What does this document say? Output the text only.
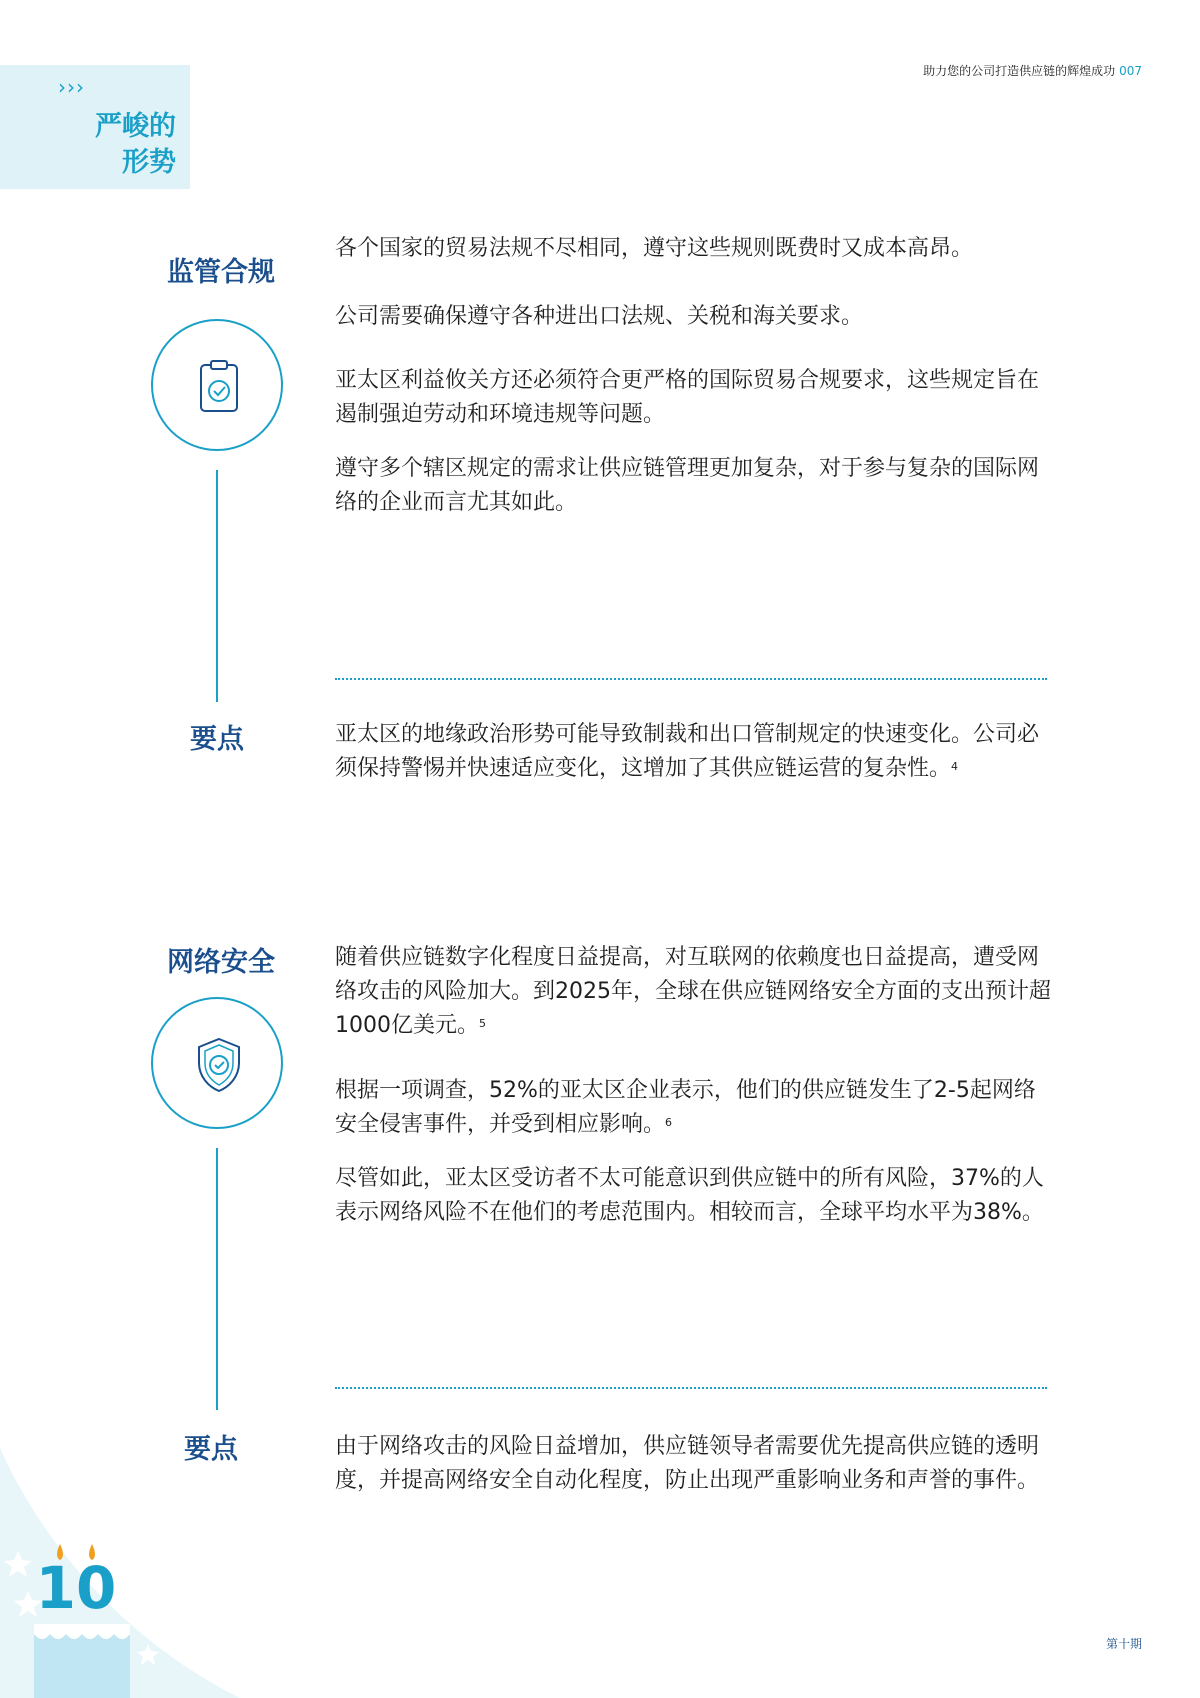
›››
严峻的
形势
助力您的公司打造供应链的辉煌成功 007
监管合规
各个国家的贸易法规不尽相同，遵守这些规则既费时又成本高昂。
公司需要确保遵守各种进出口法规、关税和海关要求。
亚太区利益攸关方还必须符合更严格的国际贸易合规要求，这些规定旨在遏制强迫劳动和环境违规等问题。
遵守多个辖区规定的需求让供应链管理更加复杂，对于参与复杂的国际网络的企业而言尤其如此。
要点	亚太区的地缘政治形势可能导致制裁和出口管制规定的快速变化。公司必须保持警惕并快速适应变化，这增加了其供应链运营的复杂性。$^4$
网络安全	随着供应链数字化程度日益提高，对互联网的依赖度也日益提高，遭受网络攻击的风险加大。到2025年，全球在供应链网络安全方面的支出预计超1000亿美元。$^5$
根据一项调查，52%的亚太区企业表示，他们的供应链发生了2-5起网络安全侵害事件，并受到相应影响。$^6$
尽管如此，亚太区受访者不太可能意识到供应链中的所有风险，37%的人表示网络风险不在他们的考虑范围内。相较而言，全球平均水平为38%。
要点	由于网络攻击的风险日益增加，供应链领导者需要优先提高供应链的透明度，并提高网络安全自动化程度，防止出现严重影响业务和声誉的事件。
第十期
10
